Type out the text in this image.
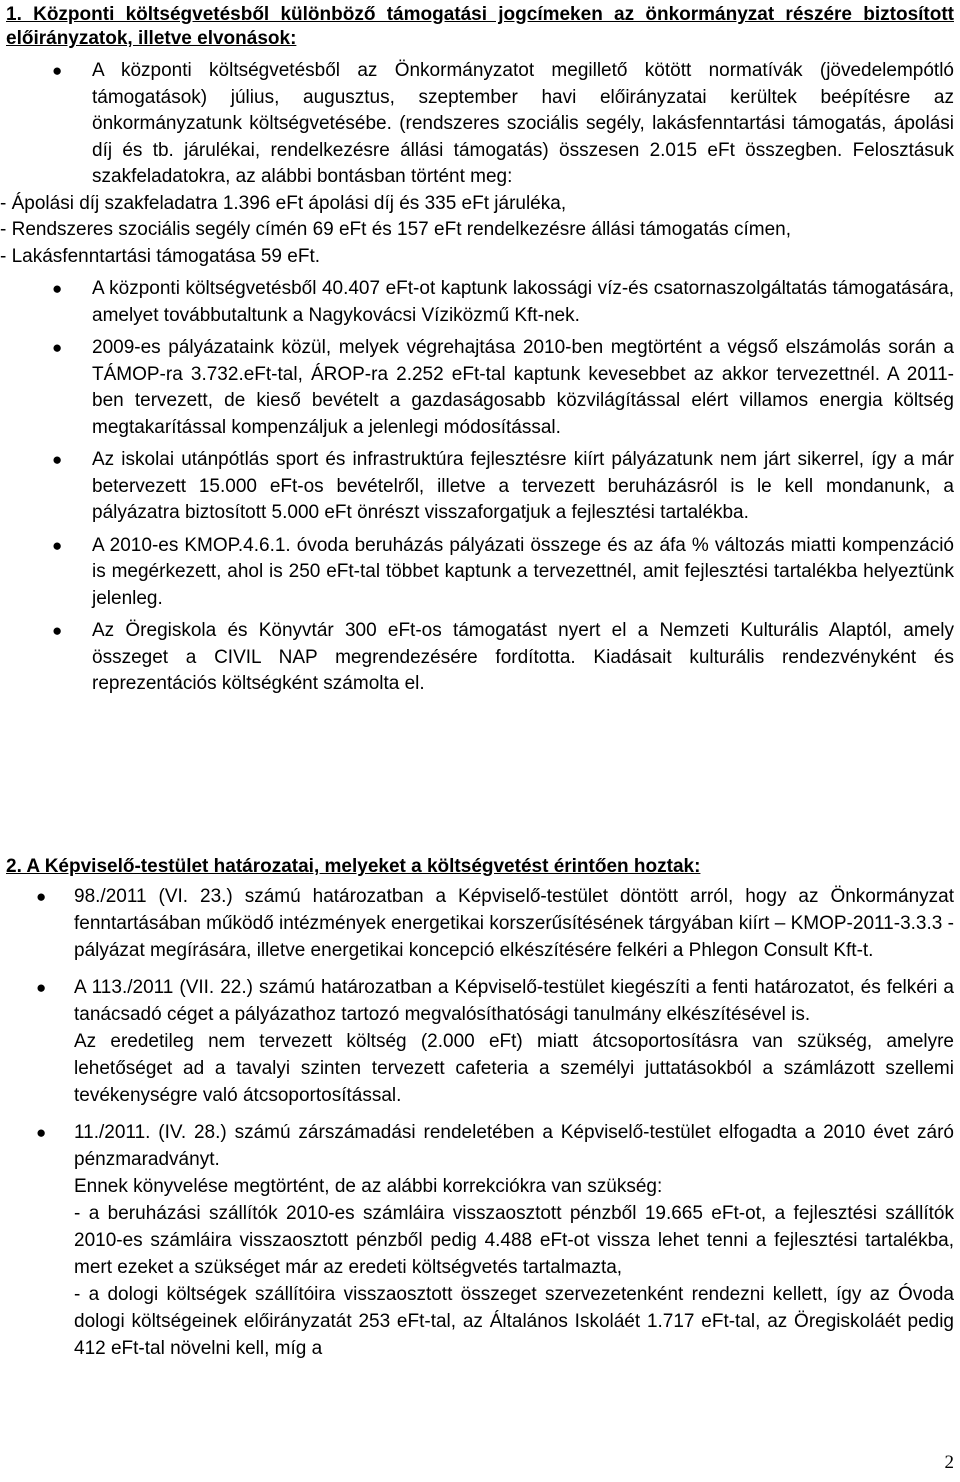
1. Központi költségvetésből különböző támogatási jogcímeken az önkormányzat részére biztosított előirányzatok, illetve elvonások:
● A központi költségvetésből az Önkormányzatot megillető kötött normatívák (jövedelempótló támogatások) július, augusztus, szeptember havi előirányzatai kerültek beépítésre az önkormányzatunk költségvetésébe. (rendszeres szociális segély, lakásfenntartási támogatás, ápolási díj és tb. járulékai, rendelkezésre állási támogatás) összesen 2.015 eFt összegben. Felosztásuk szakfeladatokra, az alábbi bontásban történt meg:
- Ápolási díj szakfeladatra 1.396 eFt ápolási díj és 335 eFt járuléka,
- Rendszeres szociális segély címén 69 eFt és 157 eFt rendelkezésre állási támogatás címen,
- Lakásfenntartási támogatása 59 eFt.
● A központi költségvetésből 40.407 eFt-ot kaptunk lakossági víz-és csatornaszolgáltatás támogatására, amelyet továbbutaltunk a Nagykovácsi Víziközmű Kft-nek.
● 2009-es pályázataink közül, melyek végrehajtása 2010-ben megtörtént a végső elszámolás során a TÁMOP-ra 3.732.eFt-tal, ÁROP-ra 2.252 eFt-tal kaptunk kevesebbet az akkor tervezettnél. A 2011-ben tervezett, de kieső bevételt a gazdaságosabb közvilágítással elért villamos energia költség megtakarítással kompenzáljuk a jelenlegi módosítással.
● Az iskolai utánpótlás sport és infrastruktúra fejlesztésre kiírt pályázatunk nem járt sikerrel, így a már betervezett 15.000 eFt-os bevételről, illetve a tervezett beruházásról is le kell mondanunk, a pályázatra biztosított 5.000 eFt önrészt visszaforgatjuk a fejlesztési tartalékba.
● A 2010-es KMOP.4.6.1. óvoda beruházás pályázati összege és az áfa % változás miatti kompenzáció is megérkezett, ahol is 250 eFt-tal többet kaptunk a tervezettnél, amit fejlesztési tartalékba helyeztünk jelenleg.
● Az Öregiskola és Könyvtár 300 eFt-os támogatást nyert el a Nemzeti Kulturális Alaptól, amely összeget a CIVIL NAP megrendezésére fordította. Kiadásait kulturális rendezvényként és reprezentációs költségként számolta el.
2. A Képviselő-testület határozatai, melyeket a költségvetést érintően hoztak:
● 98./2011 (VI. 23.) számú határozatban a Képviselő-testület döntött arról, hogy az Önkormányzat fenntartásában működő intézmények energetikai korszerűsítésének tárgyában kiírt – KMOP-2011-3.3.3 - pályázat megírására, illetve energetikai koncepció elkészítésére felkéri a Phlegon Consult Kft-t.
● A 113./2011 (VII. 22.) számú határozatban a Képviselő-testület kiegészíti a fenti határozatot, és felkéri a tanácsadó céget a pályázathoz tartozó megvalósíthatósági tanulmány elkészítésével is.
Az eredetileg nem tervezett költség (2.000 eFt) miatt átcsoportosításra van szükség, amelyre lehetőséget ad a tavalyi szinten tervezett cafeteria a személyi juttatásokból a számlázott szellemi tevékenységre való átcsoportosítással.
● 11./2011. (IV. 28.) számú zárszámadási rendeletében a Képviselő-testület elfogadta a 2010 évet záró pénzmaradványt.
Ennek könyvelése megtörtént, de az alábbi korrekciókra van szükség:
- a beruházási szállítók 2010-es számláira visszaosztott pénzből 19.665 eFt-ot, a fejlesztési szállítók 2010-es számláira visszaosztott pénzből pedig 4.488 eFt-ot vissza lehet tenni a fejlesztési tartalékba, mert ezeket a szükséget már az eredeti költségvetés tartalmazta,
- a dologi költségek szállítóira visszaosztott összeget szervezetenként rendezni kellett, így az Óvoda dologi költségeinek előirányzatát 253 eFt-tal, az Általános Iskoláét 1.717 eFt-tal, az Öregiskoláét pedig 412 eFt-tal növelni kell, míg a
2
